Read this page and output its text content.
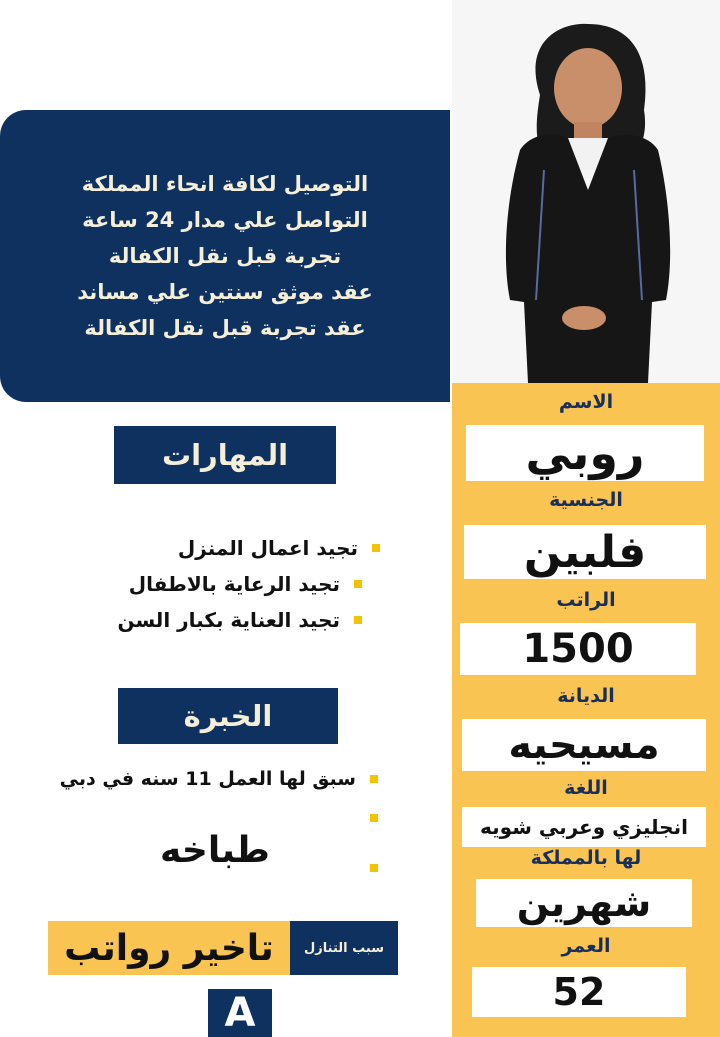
التوصيل لكافة انحاء المملكة
التواصل علي مدار 24 ساعة
تجربة قبل نقل الكفالة
عقد موثق سنتين علي مساند
عقد تجربة قبل نقل الكفالة
الاسم
روبي
الجنسية
فلبين
الراتب
1500
الديانة
مسيحيه
اللغة
انجليزي وعربي شويه
لها بالمملكة
شهرين
العمر
52
المهارات
تجيد اعمال المنزل
تجيد الرعاية بالاطفال
تجيد العناية بكبار السن
الخبرة
سبق لها العمل 11 سنه في دبي
طباخه
تاخير رواتب	سبب التنازل
A
